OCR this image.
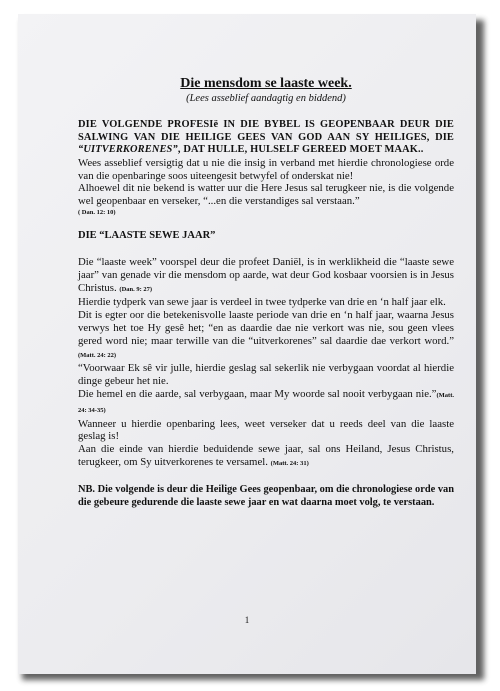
Die mensdom se laaste week.

(Lees asseblief aandagtig en biddend)

DIE VOLGENDE PROFESIë IN DIE BYBEL IS GEOPENBAAR DEUR DIE SALWING VAN DIE HEILIGE GEES VAN GOD AAN SY HEILIGES, DIE “UITVERKORENES”, DAT HULLE, HULSELF GEREED MOET MAAK..

Wees asseblief versigtig dat u nie die insig in verband met hierdie chronologiese orde van die openbaringe soos uiteengesit betwyfel of onderskat nie!

Alhoewel dit nie bekend is watter uur die Here Jesus sal terugkeer nie, is die volgende wel geopenbaar en verseker, “...en die verstandiges sal verstaan.”

( Dan. 12: 10)

DIE “LAASTE SEWE JAAR”

Die “laaste week” voorspel deur die profeet Daniël, is in werklikheid die “laaste sewe jaar” van genade vir die mensdom op aarde, wat deur God kosbaar voorsien is in Jesus Christus. (Dan. 9: 27)

Hierdie tydperk van sewe jaar is verdeel in twee tydperke van drie en ‘n half jaar elk.

Dit is egter oor die betekenisvolle laaste periode van drie en ‘n half jaar, waarna Jesus verwys het toe Hy gesê het; “en as daardie dae nie verkort was nie, sou geen vlees gered word nie; maar terwille van die “uitverkorenes” sal daardie dae verkort word.” (Matt. 24: 22)

“Voorwaar Ek sê vir julle, hierdie geslag sal sekerlik nie verbygaan voordat al hierdie dinge gebeur het nie.

Die hemel en die aarde, sal verbygaan, maar My woorde sal nooit verbygaan nie.”(Matt. 24: 34-35)

Wanneer u hierdie openbaring lees, weet verseker dat u reeds deel van die laaste geslag is!

Aan die einde van hierdie beduidende sewe jaar, sal ons Heiland, Jesus Christus, terugkeer, om Sy uitverkorenes te versamel. (Matt. 24: 31)

NB. Die volgende is deur die Heilige Gees geopenbaar, om die chronologiese orde van die gebeure gedurende die laaste sewe jaar en wat daarna moet volg, te verstaan.

1
